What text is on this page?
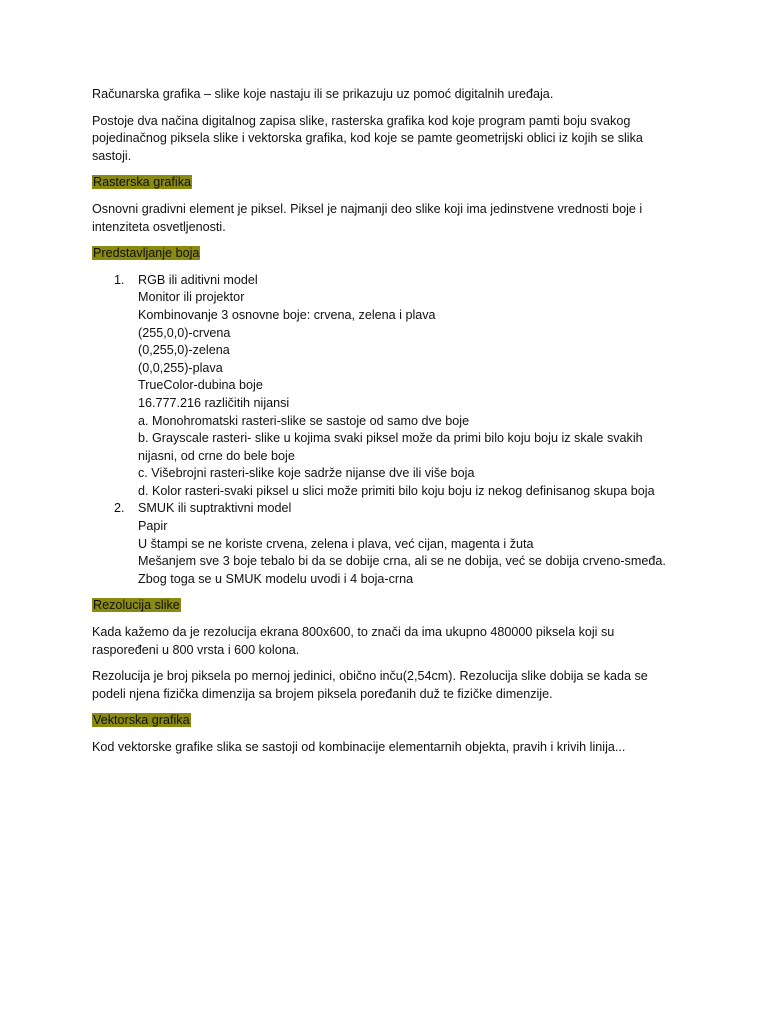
Računarska grafika – slike koje nastaju ili se prikazuju uz pomoć digitalnih uređaja.

Postoje dva načina digitalnog zapisa slike, rasterska grafika kod koje program pamti boju svakog pojedinačnog piksela slike i vektorska grafika, kod koje se pamte geometrijski oblici iz kojih se slika sastoji.

Rasterska grafika

Osnovni gradivni element je piksel. Piksel je najmanji deo slike koji ima jedinstvene vrednosti boje i intenziteta osvetljenosti.

Predstavljanje boja
1. RGB ili aditivni model
Monitor ili projektor
Kombinovanje 3 osnovne boje: crvena, zelena i plava
(255,0,0)-crvena
(0,255,0)-zelena
(0,0,255)-plava
TrueColor-dubina boje
16.777.216 različitih nijansi
a. Monohromatski rasteri-slike se sastoje od samo dve boje
b. Grayscale rasteri- slike u kojima svaki piksel može da primi bilo koju boju iz skale svakih nijasni, od crne do bele boje
c. Višebrojni rasteri-slike koje sadrže nijanse dve ili više boja
d. Kolor rasteri-svaki piksel u slici može primiti bilo koju boju iz nekog definisanog skupa boja
2. SMUK ili suptraktivni model
Papir
U štampi se ne koriste crvena, zelena i plava, već cijan, magenta i žuta
Mešanjem sve 3 boje tebalo bi da se dobije crna, ali se ne dobija, već se dobija crveno-smeđa. Zbog toga se u SMUK modelu uvodi i 4 boja-crna
Rezolucija slike

Kada kažemo da je rezolucija ekrana 800x600, to znači da ima ukupno 480000 piksela koji su raspoređeni u 800 vrsta i 600 kolona.

Rezolucija je broj piksela po mernoj jedinici, obično inču(2,54cm). Rezolucija slike dobija se kada se podeli njena fizička dimenzija sa brojem piksela poređanih duž te fizičke dimenzije.

Vektorska grafika

Kod vektorske grafike slika se sastoji od kombinacije elementarnih objekta, pravih i krivih linija...
